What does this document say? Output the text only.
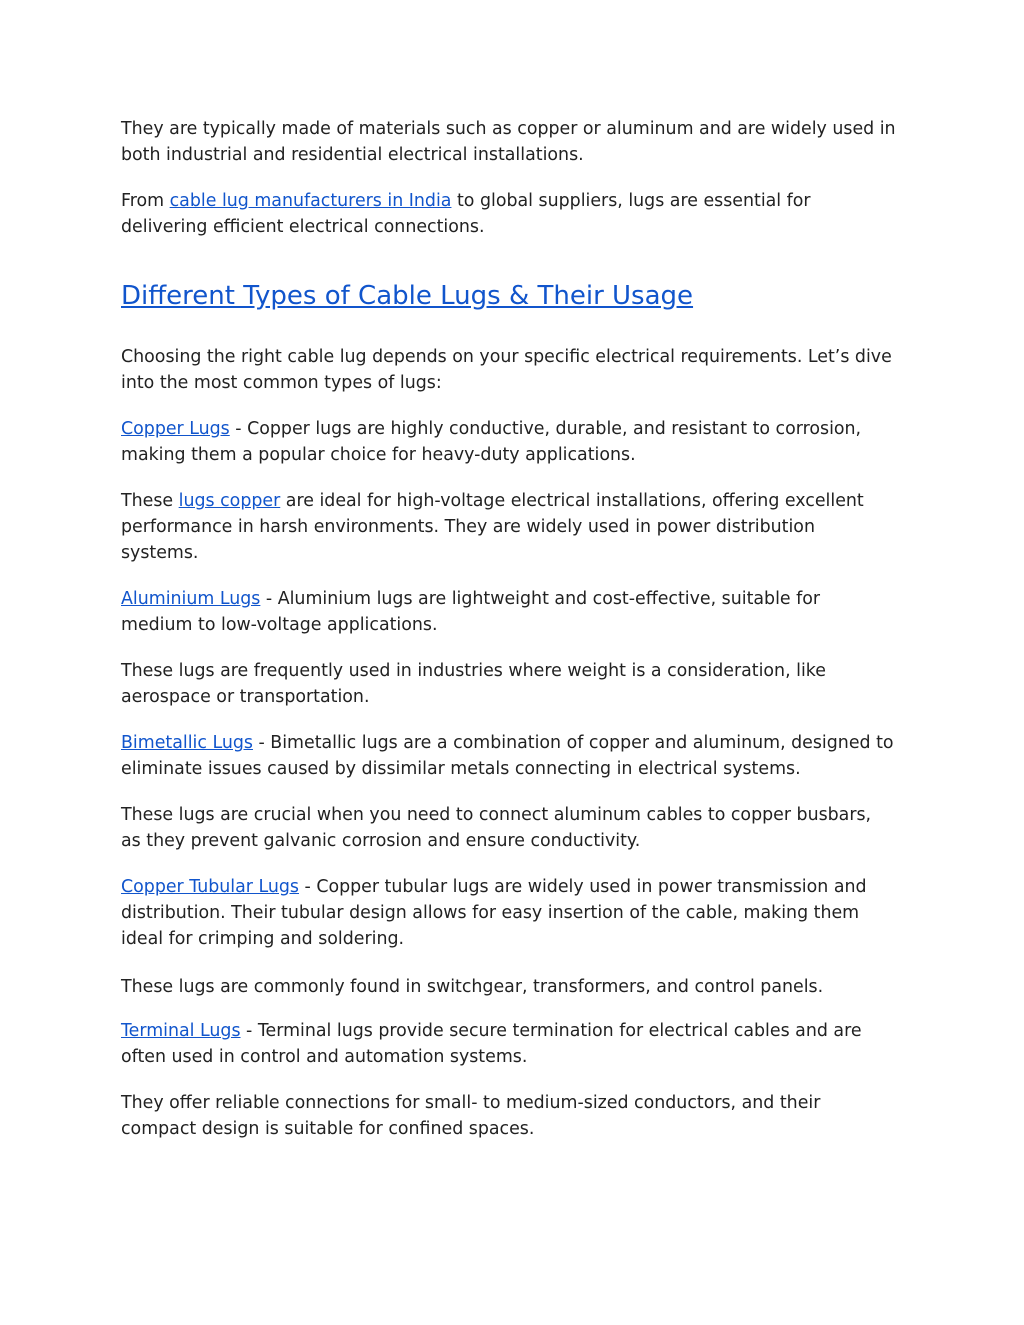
They are typically made of materials such as copper or aluminum and are widely used in both industrial and residential electrical installations.

From cable lug manufacturers in India to global suppliers, lugs are essential for delivering efficient electrical connections.

Different Types of Cable Lugs & Their Usage

Choosing the right cable lug depends on your specific electrical requirements. Let’s dive into the most common types of lugs:

Copper Lugs - Copper lugs are highly conductive, durable, and resistant to corrosion, making them a popular choice for heavy-duty applications.

These lugs copper are ideal for high-voltage electrical installations, offering excellent performance in harsh environments. They are widely used in power distribution systems.

Aluminium Lugs - Aluminium lugs are lightweight and cost-effective, suitable for medium to low-voltage applications.

These lugs are frequently used in industries where weight is a consideration, like aerospace or transportation.

Bimetallic Lugs - Bimetallic lugs are a combination of copper and aluminum, designed to eliminate issues caused by dissimilar metals connecting in electrical systems.

These lugs are crucial when you need to connect aluminum cables to copper busbars, as they prevent galvanic corrosion and ensure conductivity.

Copper Tubular Lugs - Copper tubular lugs are widely used in power transmission and distribution. Their tubular design allows for easy insertion of the cable, making them ideal for crimping and soldering.

These lugs are commonly found in switchgear, transformers, and control panels.

Terminal Lugs - Terminal lugs provide secure termination for electrical cables and are often used in control and automation systems.

They offer reliable connections for small- to medium-sized conductors, and their compact design is suitable for confined spaces.
